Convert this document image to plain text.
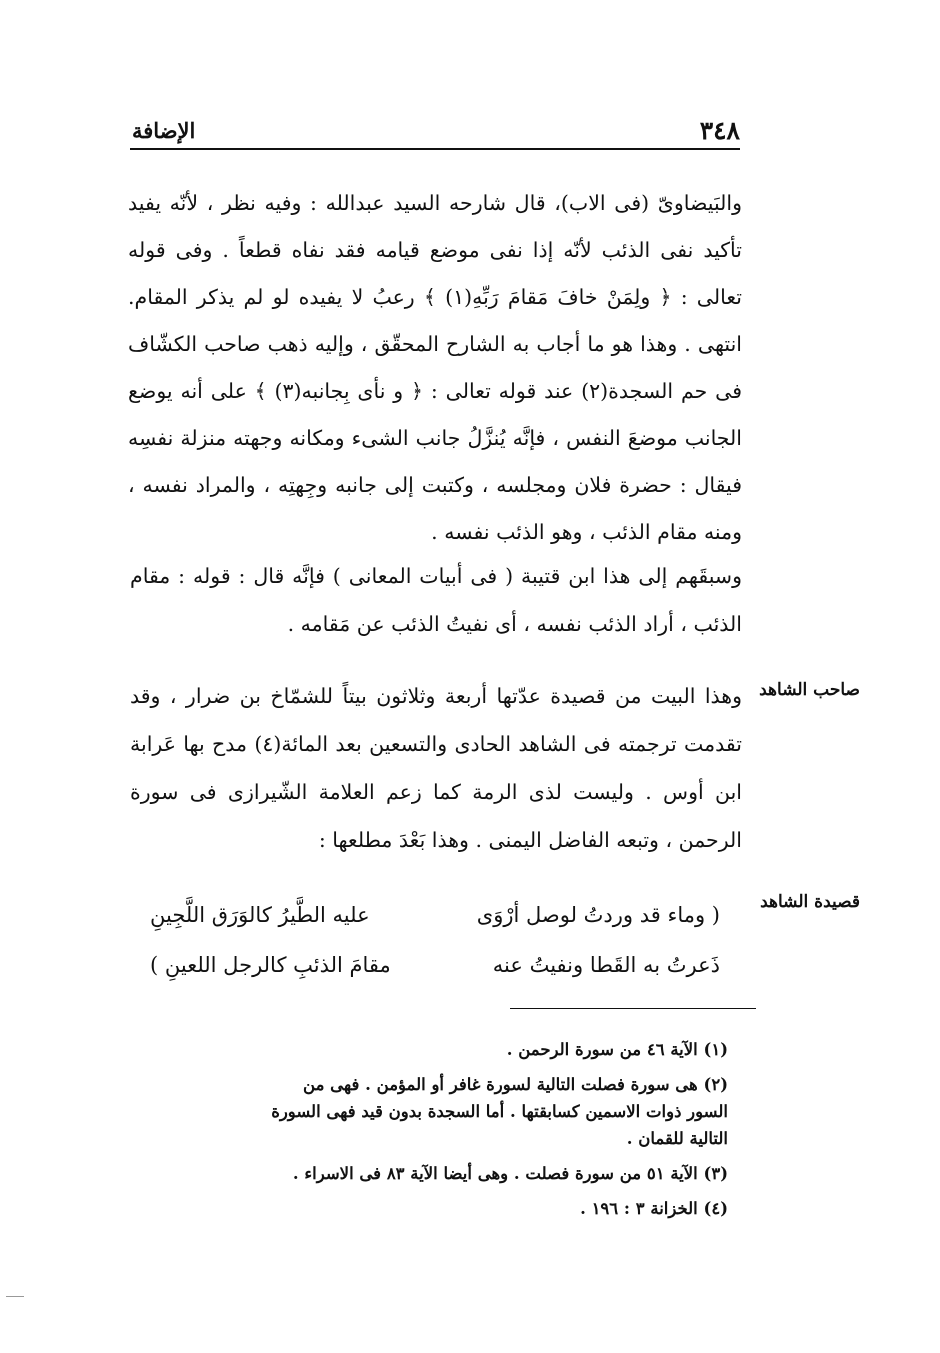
٣٤٨
الإضافة

والبَيضاوىّ (فى الاب)، قال شارحه السيد عبدالله : وفيه نظر ، لأنّه يفيد تأكيد نفى الذئب لأنّه إذا نفى موضع قيامه فقد نفاه قطعاً . وفى قوله تعالى : ﴿ ولِمَنْ خافَ مَقامَ رَبِّهِ(١) ﴾ رعبُ لا يفيده لو لم يذكر المقام. انتهى . وهذا هو ما أجاب به الشارح المحقّق ، وإليه ذهب صاحب الكشّاف فى حم السجدة(٢) عند قوله تعالى : ﴿ و نأى بِجانبه(٣) ﴾ على أنه يوضع الجانب موضعَ النفس ، فإنَّه يُنزَّلُ جانب الشىء ومكانه وجهته منزلة نفسِه فيقال : حضرة فلان ومجلسه ، وكتبت إلى جانبه وجِهتِه ، والمراد نفسه ، ومنه مقام الذئب ، وهو الذئب نفسه .

وسبقَهم إلى هذا ابن قتيبة ( فى أبيات المعانى ) فإنَّه قال : قوله : مقام الذئب ، أراد الذئب نفسه ، أى نفيتُ الذئب عن مَقامه .

صاحب الشاهد

وهذا البيت من قصيدة عدّتها أربعة وثلاثون بيتاً للشمّاخ بن ضرار ، وقد تقدمت ترجمته فى الشاهد الحادى والتسعين بعد المائة(٤) مدح بها عَرابة ابن أوس . وليست لذى الرمة كما زعم العلامة الشّيرازى فى سورة الرحمن ، وتبعه الفاضل اليمنى . وهذا بَعْدَ مطلعها :

قصيدة الشاهد
( وماء قد وردتُ لوصل أرْوَى
عليه الطَّيرُ كالوَرَق اللَّجِينِ
ذَعرتُ به القَطا ونفيتُ عنه
مقامَ الذئبِ كالرجل اللعينِ )

(١) الآية ٤٦ من سورة الرحمن .

(٢) هى سورة فصلت التالية لسورة غافر أو المؤمن . فهى من

السور ذوات الاسمين كسابقتها . أما السجدة بدون قيد فهى السورة

التالية للقمان .

(٣) الآية ٥١ من سورة فصلت . وهى أيضا الآية ٨٣ فى الاسراء .

(٤) الخزانة ٣ : ١٩٦ .
